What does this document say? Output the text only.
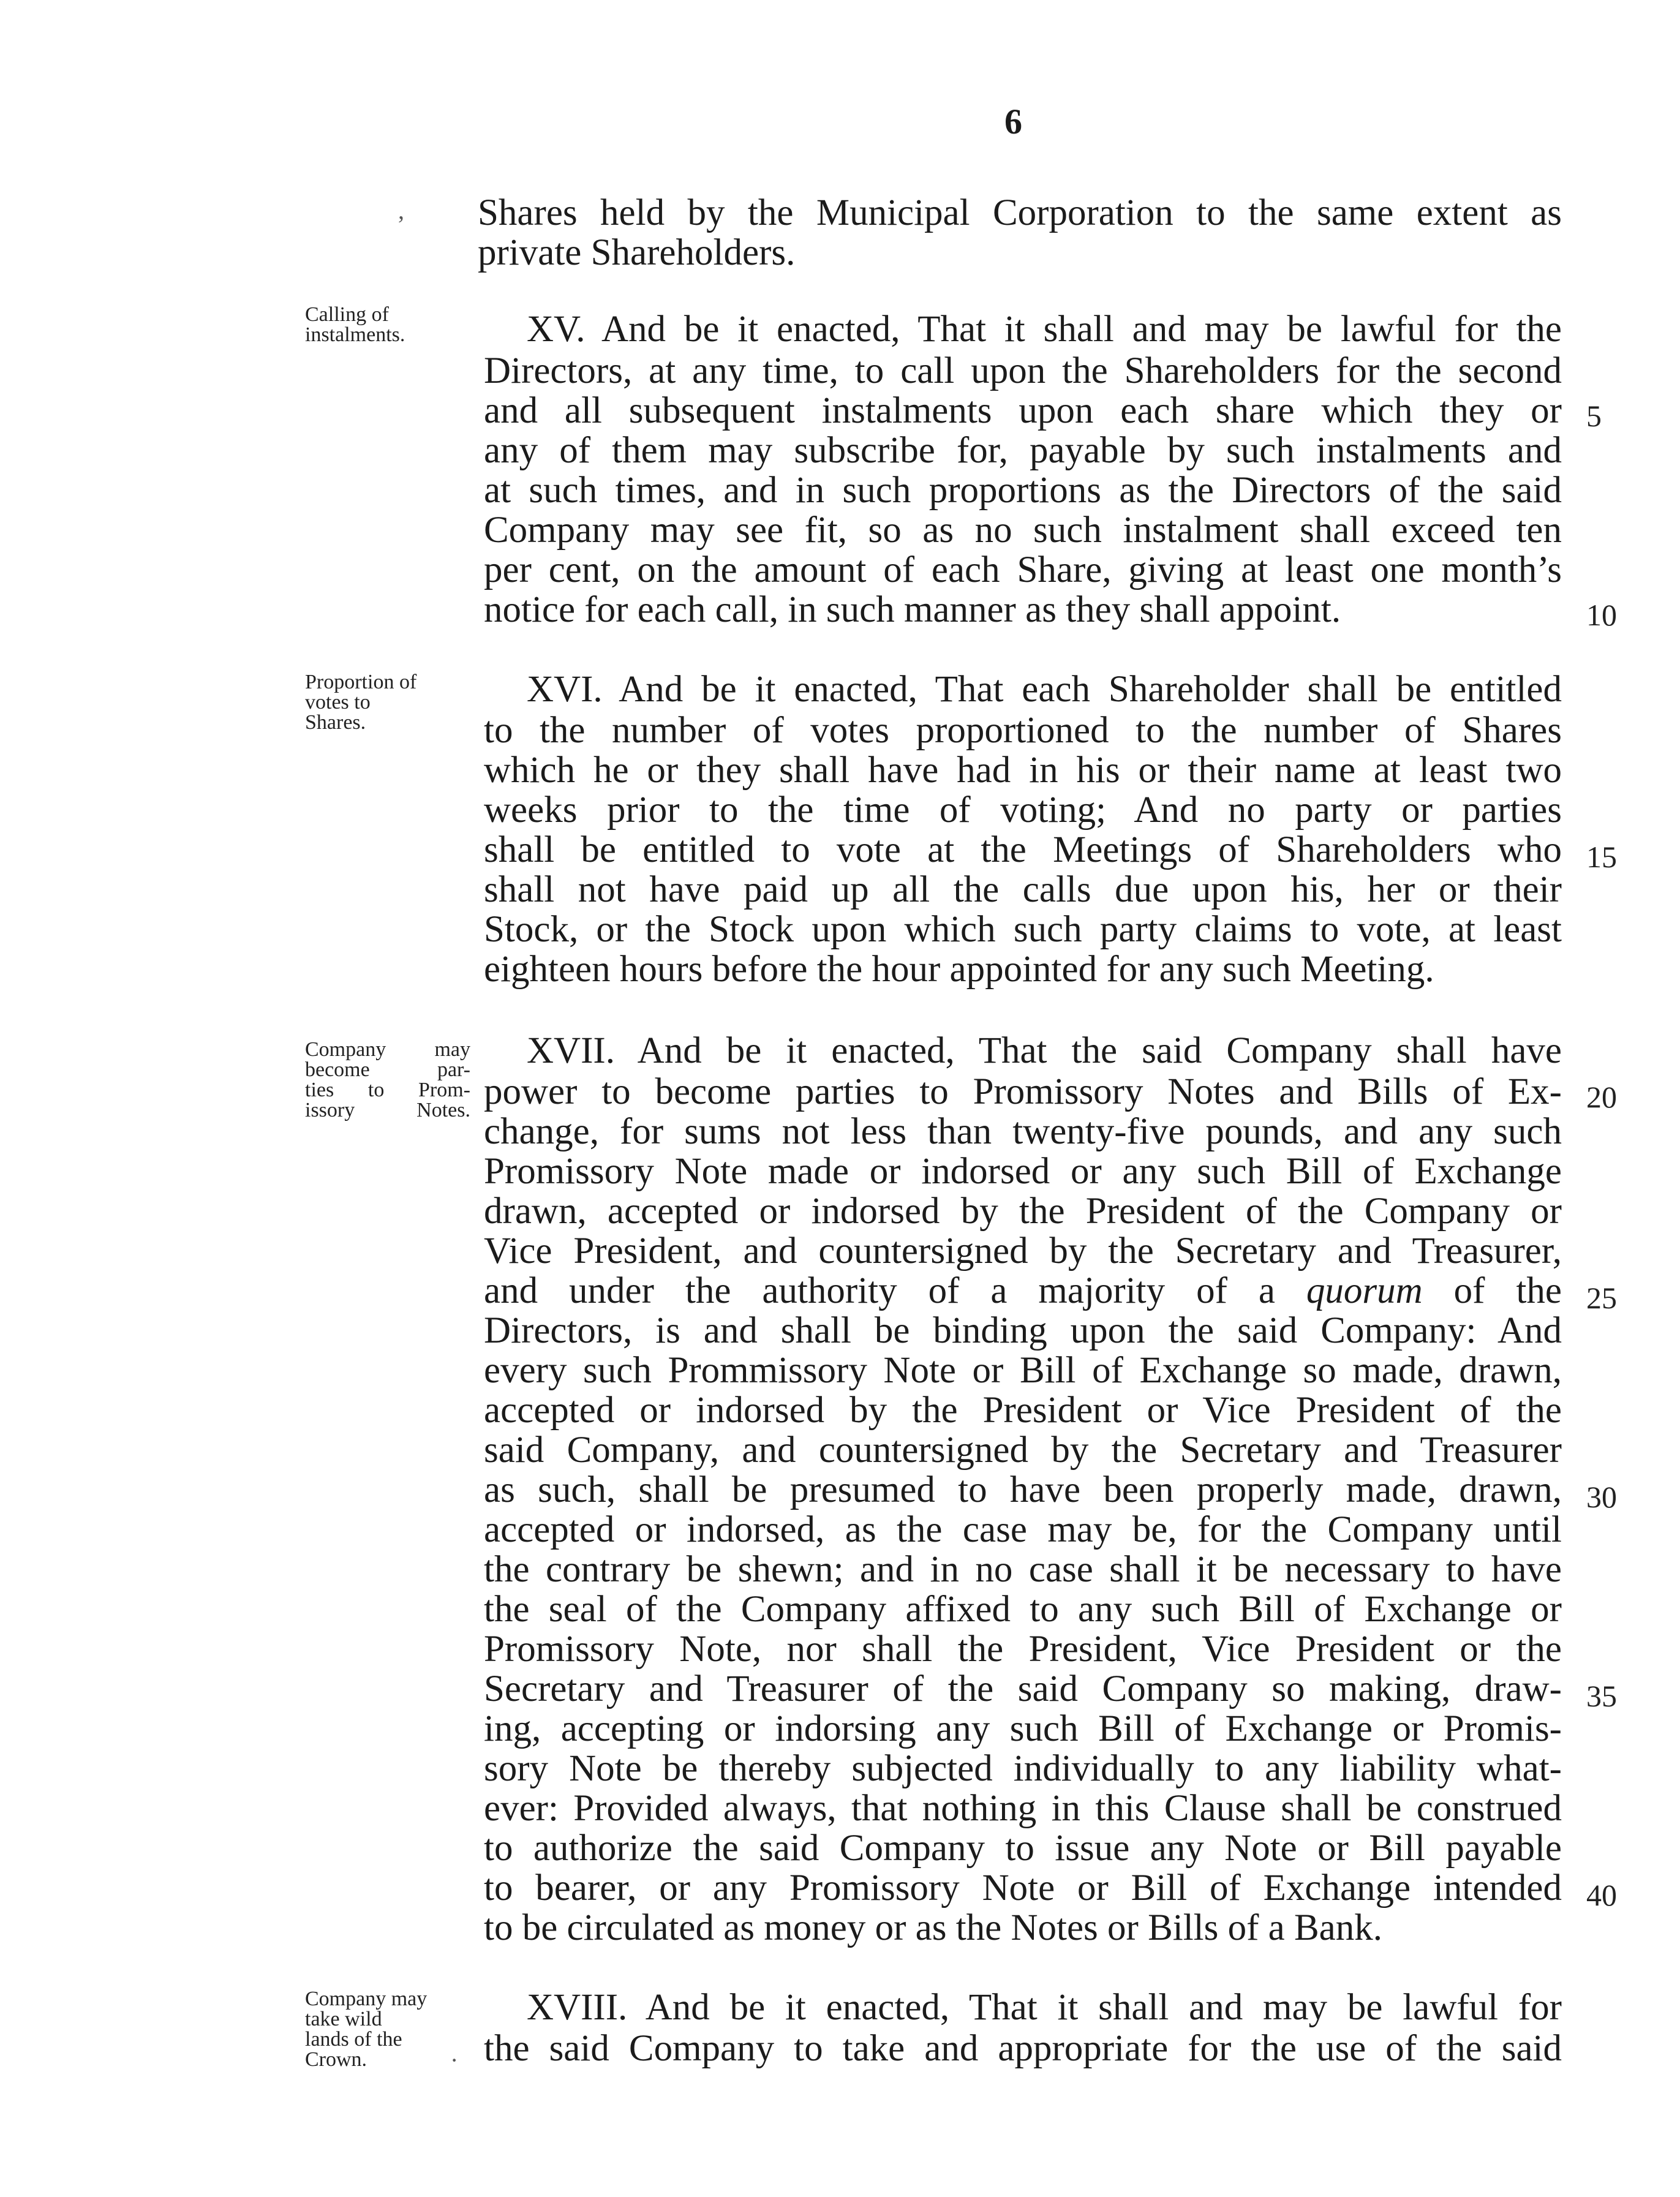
6
,
·
Shares held by the Municipal Corporation to the same extent as
private Shareholders.
XV. And be it enacted, That it shall and may be lawful for the
Directors, at any time, to call upon the Shareholders for the second
and all subsequent instalments upon each share which they or
any of them may subscribe for, payable by such instalments and
at such times, and in such proportions as the Directors of the said
Company may see fit, so as no such instalment shall exceed ten
per cent, on the amount of each Share, giving at least one month’s
notice for each call, in such manner as they shall appoint.
XVI. And be it enacted, That each Shareholder shall be entitled
to the number of votes proportioned to the number of Shares
which he or they shall have had in his or their name at least two
weeks prior to the time of voting; And no party or parties
shall be entitled to vote at the Meetings of Shareholders who
shall not have paid up all the calls due upon his, her or their
Stock, or the Stock upon which such party claims to vote, at least
eighteen hours before the hour appointed for any such Meeting.
XVII. And be it enacted, That the said Company shall have
power to become parties to Promissory Notes and Bills of Ex-
change, for sums not less than twenty-five pounds, and any such
Promissory Note made or indorsed or any such Bill of Exchange
drawn, accepted or indorsed by the President of the Company or
Vice President, and countersigned by the Secretary and Treasurer,
and under the authority of a majority of a quorum of the
Directors, is and shall be binding upon the said Company: And
every such Prommissory Note or Bill of Exchange so made, drawn,
accepted or indorsed by the President or Vice President of the
said Company, and countersigned by the Secretary and Treasurer
as such, shall be presumed to have been properly made, drawn,
accepted or indorsed, as the case may be, for the Company until
the contrary be shewn; and in no case shall it be necessary to have
the seal of the Company affixed to any such Bill of Exchange or
Promissory Note, nor shall the President, Vice President or the
Secretary and Treasurer of the said Company so making, draw-
ing, accepting or indorsing any such Bill of Exchange or Promis-
sory Note be thereby subjected individually to any liability what-
ever: Provided always, that nothing in this Clause shall be construed
to authorize the said Company to issue any Note or Bill payable
to bearer, or any Promissory Note or Bill of Exchange intended
to be circulated as money or as the Notes or Bills of a Bank.
XVIII. And be it enacted, That it shall and may be lawful for
the said Company to take and appropriate for the use of the said
Calling of
instalments.
Proportion of
votes to
Shares.
Company may
become par-
ties to Prom-
issory Notes.
Company may
take wild
lands of the
Crown.
5
10
15
20
25
30
35
40
